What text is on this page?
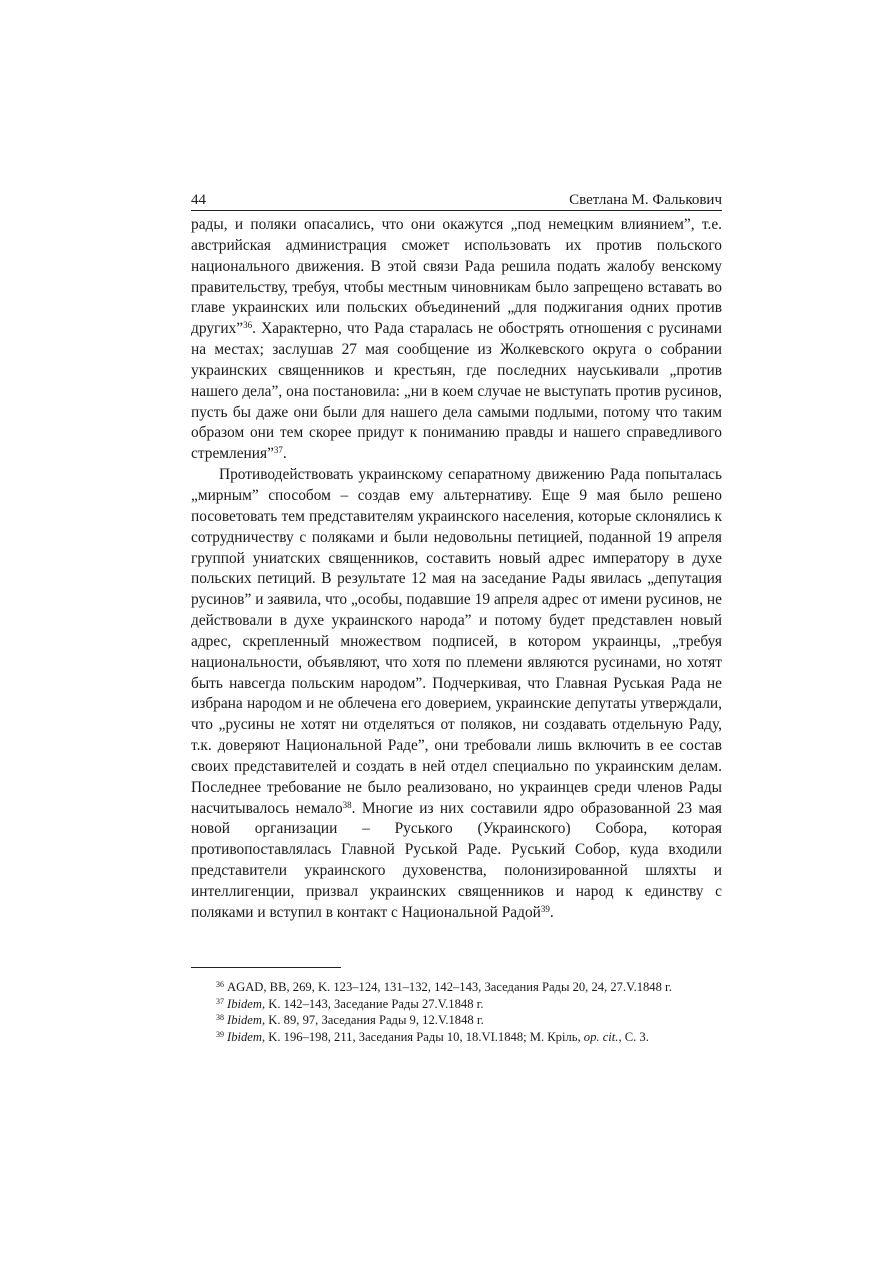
44	Светлана М. Фалькович

рады, и поляки опасались, что они окажутся „под немецким влиянием”, т.е. австрийская администрация сможет использовать их против польского национального движения. В этой связи Рада решила подать жалобу венскому правительству, требуя, чтобы местным чиновникам было запрещено вставать во главе украинских или польских объединений „для поджигания одних против других”$^{36}$. Характерно, что Рада старалась не обострять отношения с русинами на местах; заслушав 27 мая сообщение из Жолкевского округа о собрании украинских священников и крестьян, где последних науськивали „против нашего дела”, она постановила: „ни в коем случае не выступать против русинов, пусть бы даже они были для нашего дела самыми подлыми, потому что таким образом они тем скорее придут к пониманию правды и нашего справедливого стремления”$^{37}$.

Противодействовать украинскому сепаратному движению Рада попыталась „мирным” способом – создав ему альтернативу. Еще 9 мая было решено посоветовать тем представителям украинского населения, которые склонялись к сотрудничеству с поляками и были недовольны петицией, поданной 19 апреля группой униатских священников, составить новый адрес императору в духе польских петиций. В результате 12 мая на заседание Рады явилась „депутация русинов” и заявила, что „особы, подавшие 19 апреля адрес от имени русинов, не действовали в духе украинского народа” и потому будет представлен новый адрес, скрепленный множеством подписей, в котором украинцы, „требуя национальности, объявляют, что хотя по племени являются русинами, но хотят быть навсегда польским народом”. Подчеркивая, что Главная Руськая Рада не избрана народом и не облечена его доверием, украинские депутаты утверждали, что „русины не хотят ни отделяться от поляков, ни создавать отдельную Раду, т.к. доверяют Национальной Раде”, они требовали лишь включить в ее состав своих представителей и создать в ней отдел специально по украинским делам. Последнее требование не было реализовано, но украинцев среди членов Рады насчитывалось немало$^{38}$. Многие из них составили ядро образованной 23 мая новой организации – Руського (Украинского) Собора, которая противопоставлялась Главной Руськой Раде. Руський Собор, куда входили представители украинского духовенства, полонизированной шляхты и интеллигенции, призвал украинских священников и народ к единству с поляками и вступил в контакт с Национальной Радой$^{39}$.

$^{36}$ AGAD, BB, 269, K. 123–124, 131–132, 142–143, Заседания Рады 20, 24, 27.V.1848 г.

$^{37}$ Ibidem, K. 142–143, Заседание Рады 27.V.1848 г.

$^{38}$ Ibidem, K. 89, 97, Заседания Рады 9, 12.V.1848 г.

$^{39}$ Ibidem, K. 196–198, 211, Заседания Рады 10, 18.VI.1848; М. Кріль, op. cit., С. 3.
